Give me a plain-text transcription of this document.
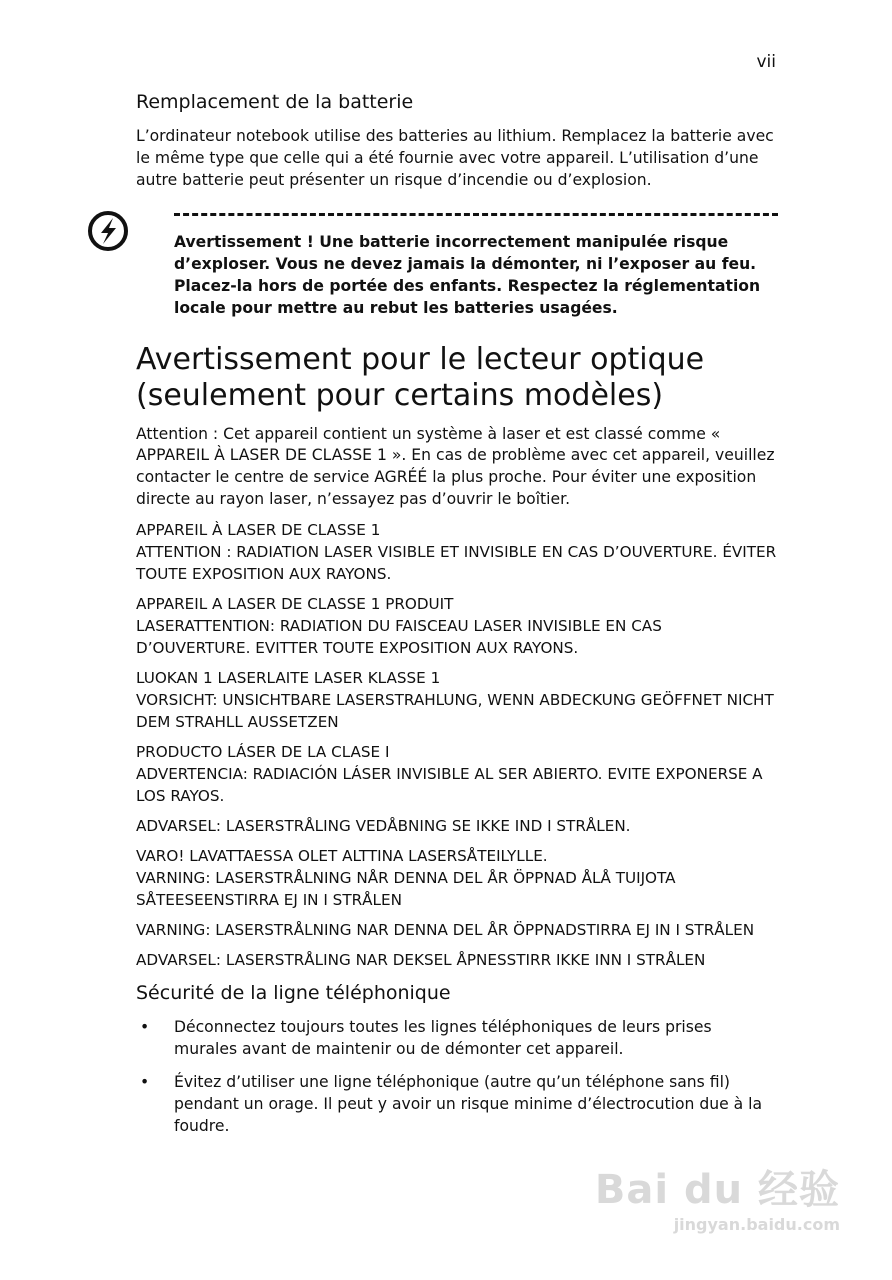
vii
Remplacement de la batterie

L’ordinateur notebook utilise des batteries au lithium. Remplacez la batterie avec le même type que celle qui a été fournie avec votre appareil. L’utilisation d’une autre batterie peut présenter un risque d’incendie ou d’explosion.

Avertissement ! Une batterie incorrectement manipulée risque d’exploser. Vous ne devez jamais la démonter, ni l’exposer au feu. Placez-la hors de portée des enfants. Respectez la réglementation locale pour mettre au rebut les batteries usagées.

Avertissement pour le lecteur optique
(seulement pour certains modèles)

Attention : Cet appareil contient un système à laser et est classé comme « APPAREIL À LASER DE CLASSE 1 ». En cas de problème avec cet appareil, veuillez contacter le centre de service AGRÉÉ la plus proche. Pour éviter une exposition directe au rayon laser, n’essayez pas d’ouvrir le boîtier.

APPAREIL À LASER DE CLASSE 1
ATTENTION : RADIATION LASER VISIBLE ET INVISIBLE EN CAS D’OUVERTURE. ÉVITER TOUTE EXPOSITION AUX RAYONS.

APPAREIL A LASER DE CLASSE 1 PRODUIT
LASERATTENTION: RADIATION DU FAISCEAU LASER INVISIBLE EN CAS D’OUVERTURE. EVITTER TOUTE EXPOSITION AUX RAYONS.

LUOKAN 1 LASERLAITE LASER KLASSE 1
VORSICHT: UNSICHTBARE LASERSTRAHLUNG, WENN ABDECKUNG GEÖFFNET NICHT DEM STRAHLL AUSSETZEN

PRODUCTO LÁSER DE LA CLASE I
ADVERTENCIA: RADIACIÓN LÁSER INVISIBLE AL SER ABIERTO. EVITE EXPONERSE A LOS RAYOS.

ADVARSEL: LASERSTRÅLING VEDÅBNING SE IKKE IND I STRÅLEN.

VARO! LAVATTAESSA OLET ALTTINA LASERSÅTEILYLLE.
VARNING: LASERSTRÅLNING NÅR DENNA DEL ÅR ÖPPNAD ÅLÅ TUIJOTA SÅTEESEENSTIRRA EJ IN I STRÅLEN

VARNING: LASERSTRÅLNING NAR DENNA DEL ÅR ÖPPNADSTIRRA EJ IN I STRÅLEN

ADVARSEL: LASERSTRÅLING NAR DEKSEL ÅPNESSTIRR IKKE INN I STRÅLEN

Sécurité de la ligne téléphonique
• Déconnectez toujours toutes les lignes téléphoniques de leurs prises murales avant de maintenir ou de démonter cet appareil.

• Évitez d’utiliser une ligne téléphonique (autre qu’un téléphone sans fil) pendant un orage. Il peut y avoir un risque minime d’électrocution due à la foudre.

Bai du 经验
jingyan.baidu.com
